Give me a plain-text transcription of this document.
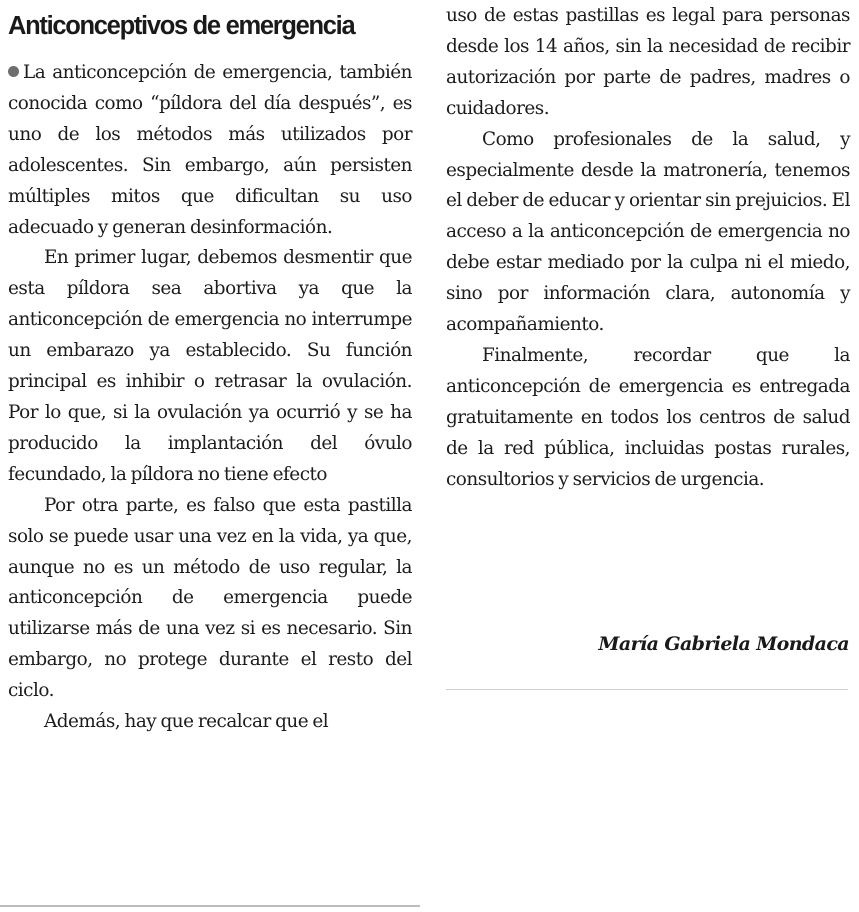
Anticonceptivos de emergencia

La anticoncepción de emergencia, también conocida como “píldora del día después”, es uno de los métodos más utilizados por adolescentes. Sin embargo, aún persisten múltiples mitos que dificultan su uso adecuado y generan desinformación.

En primer lugar, debemos desmentir que esta píldora sea abortiva ya que la anticoncepción de emergencia no interrumpe un embarazo ya establecido. Su función principal es inhibir o retrasar la ovulación. Por lo que, si la ovulación ya ocurrió y se ha producido la implantación del óvulo fecundado, la píldora no tiene efecto

Por otra parte, es falso que esta pastilla solo se puede usar una vez en la vida, ya que, aunque no es un método de uso regular, la anticoncepción de emergencia puede utilizarse más de una vez si es necesario. Sin embargo, no protege durante el resto del ciclo.

Además, hay que recalcar que el

uso de estas pastillas es legal para personas desde los 14 años, sin la necesidad de recibir autorización por parte de padres, madres o cuidadores.

Como profesionales de la salud, y especialmente desde la matronería, tenemos el deber de educar y orientar sin prejuicios. El acceso a la anticoncepción de emergencia no debe estar mediado por la culpa ni el miedo, sino por información clara, autonomía y acompañamiento.

Finalmente, recordar que la anticoncepción de emergencia es entregada gratuitamente en todos los centros de salud de la red pública, incluidas postas rurales, consultorios y servicios de urgencia.

María Gabriela Mondaca
